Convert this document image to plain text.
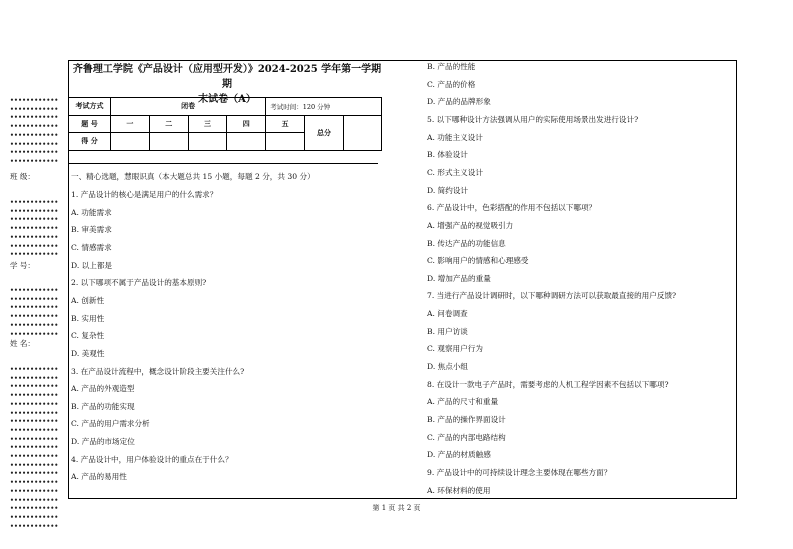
••••••••••••
••••••••••••
••••••••••••
••••••••••••
••••••••••••
••••••••••••
••••••••••••
••••••••••••
••••••••••••
••••••••••••
••••••••••••
••••••••••••
••••••••••••
••••••••••••
••••••••••••
••••••••••••
••••••••••••
••••••••••••
••••••••••••
••••••••••••
••••••••••••
••••••••••••
••••••••••••
••••••••••••
••••••••••••
••••••••••••
••••••••••••
••••••••••••
••••••••••••
••••••••••••
••••••••••••
••••••••••••
••••••••••••
••••••••••••
••••••••••••
••••••••••••
••••••••••••
••••••••••••
••••••••••••
••••••••••••
班 级：
学 号：
姓 名：
齐鲁理工学院《产品设计（应用型开发）》2024-2025 学年第一学期期
末试卷（A）
考试方式	闭卷				考试时间：120 分钟		
题 号	一	二	三	四	五	总分	
得 分							
一、精心选题，慧眼识真（本大题总共 15 小题，每题 2 分，共 30 分）
1. 产品设计的核心是满足用户的什么需求？
A. 功能需求
B. 审美需求
C. 情感需求
D. 以上都是
2. 以下哪项不属于产品设计的基本原则?
A. 创新性
B. 实用性
C. 复杂性
D. 美观性
3. 在产品设计流程中，概念设计阶段主要关注什么?
A. 产品的外观造型
B. 产品的功能实现
C. 产品的用户需求分析
D. 产品的市场定位
4. 产品设计中，用户体验设计的重点在于什么？
A. 产品的易用性
B. 产品的性能
C. 产品的价格
D. 产品的品牌形象
5. 以下哪种设计方法强调从用户的实际使用场景出发进行设计?
A. 功能主义设计
B. 体验设计
C. 形式主义设计
D. 简约设计
6. 产品设计中，色彩搭配的作用不包括以下哪项？
A. 增强产品的视觉吸引力
B. 传达产品的功能信息
C. 影响用户的情感和心理感受
D. 增加产品的重量
7. 当进行产品设计调研时，以下哪种调研方法可以获取最直接的用户反馈?
A. 问卷调查
B. 用户访谈
C. 观察用户行为
D. 焦点小组
8. 在设计一款电子产品时，需要考虑的人机工程学因素不包括以下哪项?
A. 产品的尺寸和重量
B. 产品的操作界面设计
C. 产品的内部电路结构
D. 产品的材质触感
9. 产品设计中的可持续设计理念主要体现在哪些方面？
A. 环保材料的使用
第 1 页 共 2 页
